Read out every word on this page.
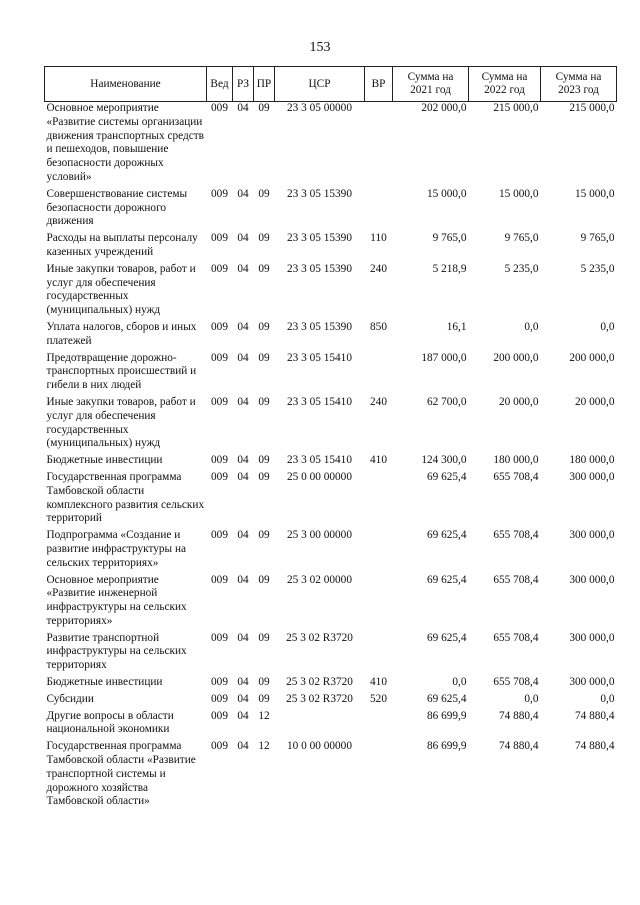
153
Наименование	Вед	РЗ	ПР	ЦСР	ВР	Сумма на 2021 год	Сумма на 2022 год	Сумма на 2023 год
Основное мероприятие «Развитие системы организации движения транспортных средств и пешеходов, повышение безопасности дорожных условий»	009	04	09	23 3 05 00000		202 000,0	215 000,0	215 000,0
Совершенствование системы безопасности дорожного движения	009	04	09	23 3 05 15390		15 000,0	15 000,0	15 000,0
Расходы на выплаты персоналу казенных учреждений	009	04	09	23 3 05 15390	110	9 765,0	9 765,0	9 765,0
Иные закупки товаров, работ и услуг для обеспечения государственных (муниципальных) нужд	009	04	09	23 3 05 15390	240	5 218,9	5 235,0	5 235,0
Уплата налогов, сборов и иных платежей	009	04	09	23 3 05 15390	850	16,1	0,0	0,0
Предотвращение дорожно-транспортных происшествий и гибели в них людей	009	04	09	23 3 05 15410		187 000,0	200 000,0	200 000,0
Иные закупки товаров, работ и услуг для обеспечения государственных (муниципальных) нужд	009	04	09	23 3 05 15410	240	62 700,0	20 000,0	20 000,0
Бюджетные инвестиции	009	04	09	23 3 05 15410	410	124 300,0	180 000,0	180 000,0
Государственная программа Тамбовской области комплексного развития сельских территорий	009	04	09	25 0 00 00000		69 625,4	655 708,4	300 000,0
Подпрограмма «Создание и развитие инфраструктуры на сельских территориях»	009	04	09	25 3 00 00000		69 625,4	655 708,4	300 000,0
Основное мероприятие «Развитие инженерной инфраструктуры на сельских территориях»	009	04	09	25 3 02 00000		69 625,4	655 708,4	300 000,0
Развитие транспортной инфраструктуры на сельских территориях	009	04	09	25 3 02 R3720		69 625,4	655 708,4	300 000,0
Бюджетные инвестиции	009	04	09	25 3 02 R3720	410	0,0	655 708,4	300 000,0
Субсидии	009	04	09	25 3 02 R3720	520	69 625,4	0,0	0,0
Другие вопросы в области национальной экономики	009	04	12			86 699,9	74 880,4	74 880,4
Государственная программа Тамбовской области «Развитие транспортной системы и дорожного хозяйства Тамбовской области»	009	04	12	10 0 00 00000		86 699,9	74 880,4	74 880,4
